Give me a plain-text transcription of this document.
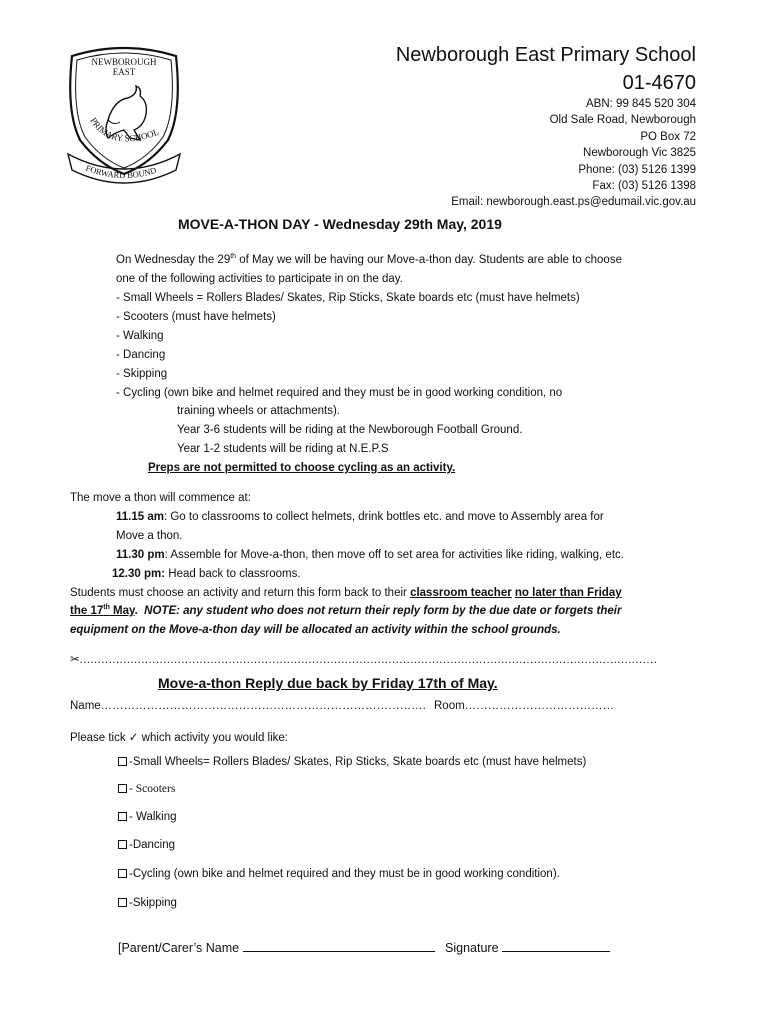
NEWBOROUGH
EAST
PRIMARY SCHOOL
FORWARD BOUND
Newborough East Primary School
01-4670
ABN: 99 845 520 304
Old Sale Road, Newborough
PO Box 72
Newborough Vic 3825
Phone: (03) 5126 1399
Fax: (03) 5126 1398
Email: newborough.east.ps@edumail.vic.gov.au
MOVE-A-THON DAY - Wednesday 29th May, 2019
On Wednesday the 29th of May we will be having our Move-a-thon day. Students are able to choose
one of the following activities to participate in on the day.
- Small Wheels = Rollers Blades/ Skates, Rip Sticks, Skate boards etc (must have helmets)
- Scooters (must have helmets)
- Walking
- Dancing
- Skipping
- Cycling (own bike and helmet required and they must be in good working condition, no
training wheels or attachments).
Year 3-6 students will be riding at the Newborough Football Ground.
Year 1-2 students will be riding at N.E.P.S
Preps are not permitted to choose cycling as an activity.
The move a thon will commence at:
11.15 am: Go to classrooms to collect helmets, drink bottles etc. and move to Assembly area for
Move a thon.
11.30 pm: Assemble for Move-a-thon, then move off to set area for activities like riding, walking, etc.
12.30 pm: Head back to classrooms.
Students must choose an activity and return this form back to their classroom teacher no later than Friday
the 17th May. NOTE: any student who does not return their reply form by the due date or forgets their
equipment on the Move-a-thon day will be allocated an activity within the school grounds.
✂……………………………………………………………………………………………………………………………………………
Move-a-thon Reply due back by Friday 17th of May.
Name…………………………………………………………………………. Room…………………………………
Please tick ✓ which activity you would like:
-Small Wheels= Rollers Blades/ Skates, Rip Sticks, Skate boards etc (must have helmets)
- Scooters
- Walking
-Dancing
-Cycling (own bike and helmet required and they must be in good working condition).
-Skipping
[Parent/Carer’s Name	Signature
